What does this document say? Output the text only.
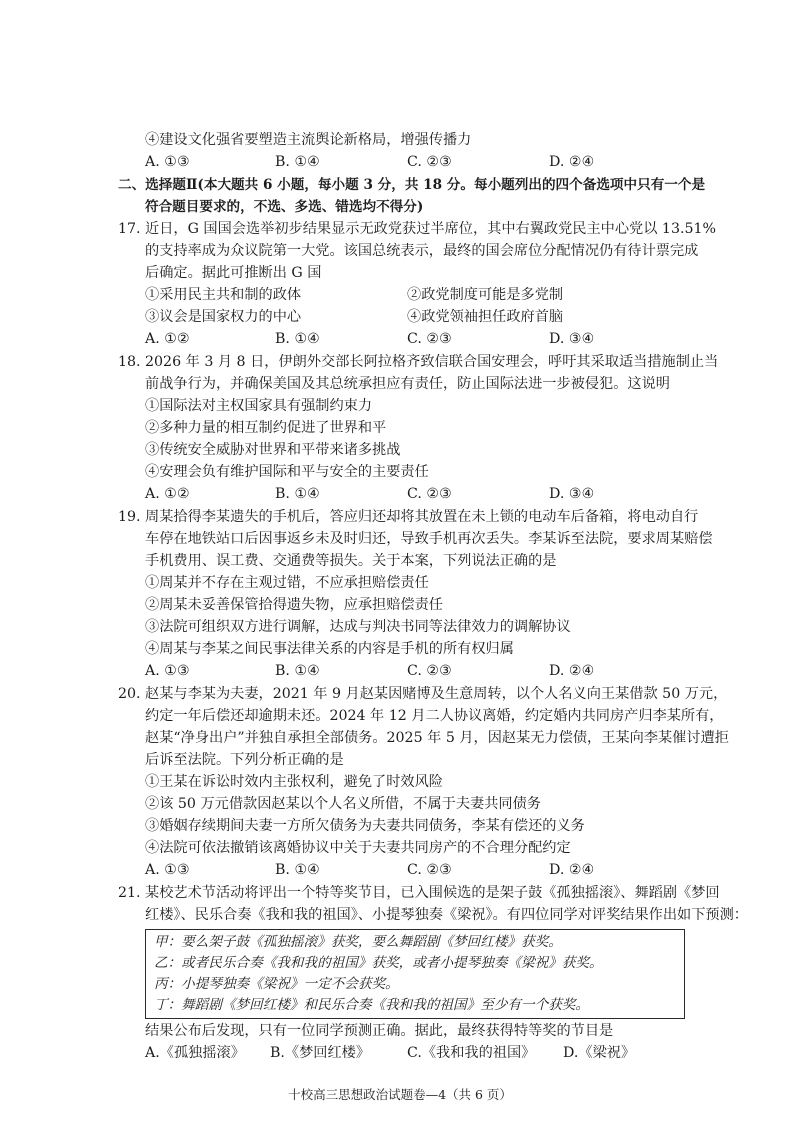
④建设文化强省要塑造主流舆论新格局，增强传播力
A. ①③	B. ①④	C. ②③	D. ②④
二、选择题Ⅱ(本大题共 6 小题，每小题 3 分，共 18 分。每小题列出的四个备选项中只有一个是
符合题目要求的，不选、多选、错选均不得分)
17. 近日，G 国国会选举初步结果显示无政党获过半席位，其中右翼政党民主中心党以 13.51%
的支持率成为众议院第一大党。该国总统表示，最终的国会席位分配情况仍有待计票完成
后确定。据此可推断出 G 国
①采用民主共和制的政体	②政党制度可能是多党制
③议会是国家权力的中心	④政党领袖担任政府首脑
A. ①②	B. ①④	C. ②③	D. ③④
18. 2026 年 3 月 8 日，伊朗外交部长阿拉格齐致信联合国安理会，呼吁其采取适当措施制止当
前战争行为，并确保美国及其总统承担应有责任，防止国际法进一步被侵犯。这说明
①国际法对主权国家具有强制约束力
②多种力量的相互制约促进了世界和平
③传统安全威胁对世界和平带来诸多挑战
④安理会负有维护国际和平与安全的主要责任
A. ①②	B. ①④	C. ②③	D. ③④
19. 周某拾得李某遗失的手机后，答应归还却将其放置在未上锁的电动车后备箱，将电动自行
车停在地铁站口后因事返乡未及时归还，导致手机再次丢失。李某诉至法院，要求周某赔偿
手机费用、误工费、交通费等损失。关于本案，下列说法正确的是
①周某并不存在主观过错，不应承担赔偿责任
②周某未妥善保管拾得遗失物，应承担赔偿责任
③法院可组织双方进行调解，达成与判决书同等法律效力的调解协议
④周某与李某之间民事法律关系的内容是手机的所有权归属
A. ①③	B. ①④	C. ②③	D. ②④
20. 赵某与李某为夫妻，2021 年 9 月赵某因赌博及生意周转，以个人名义向王某借款 50 万元，
约定一年后偿还却逾期未还。2024 年 12 月二人协议离婚，约定婚内共同房产归李某所有，
赵某“净身出户”并独自承担全部债务。2025 年 5 月，因赵某无力偿债，王某向李某催讨遭拒
后诉至法院。下列分析正确的是
①王某在诉讼时效内主张权利，避免了时效风险
②该 50 万元借款因赵某以个人名义所借，不属于夫妻共同债务
③婚姻存续期间夫妻一方所欠债务为夫妻共同债务，李某有偿还的义务
④法院可依法撤销该离婚协议中关于夫妻共同房产的不合理分配约定
A. ①③	B. ①④	C. ②③	D. ②④
21. 某校艺术节活动将评出一个特等奖节目，已入围候选的是架子鼓《孤独摇滚》、舞蹈剧《梦回
红楼》、民乐合奏《我和我的祖国》、小提琴独奏《梁祝》。有四位同学对评奖结果作出如下预测：
甲：要么架子鼓《孤独摇滚》获奖，要么舞蹈剧《梦回红楼》获奖。
乙：或者民乐合奏《我和我的祖国》获奖，或者小提琴独奏《梁祝》获奖。
丙：小提琴独奏《梁祝》一定不会获奖。
丁：舞蹈剧《梦回红楼》和民乐合奏《我和我的祖国》至少有一个获奖。
结果公布后发现，只有一位同学预测正确。据此，最终获得特等奖的节目是
A.《孤独摇滚》 B.《梦回红楼》	C.《我和我的祖国》 D.《梁祝》
十校高三思想政治试题卷—4（共 6 页）
